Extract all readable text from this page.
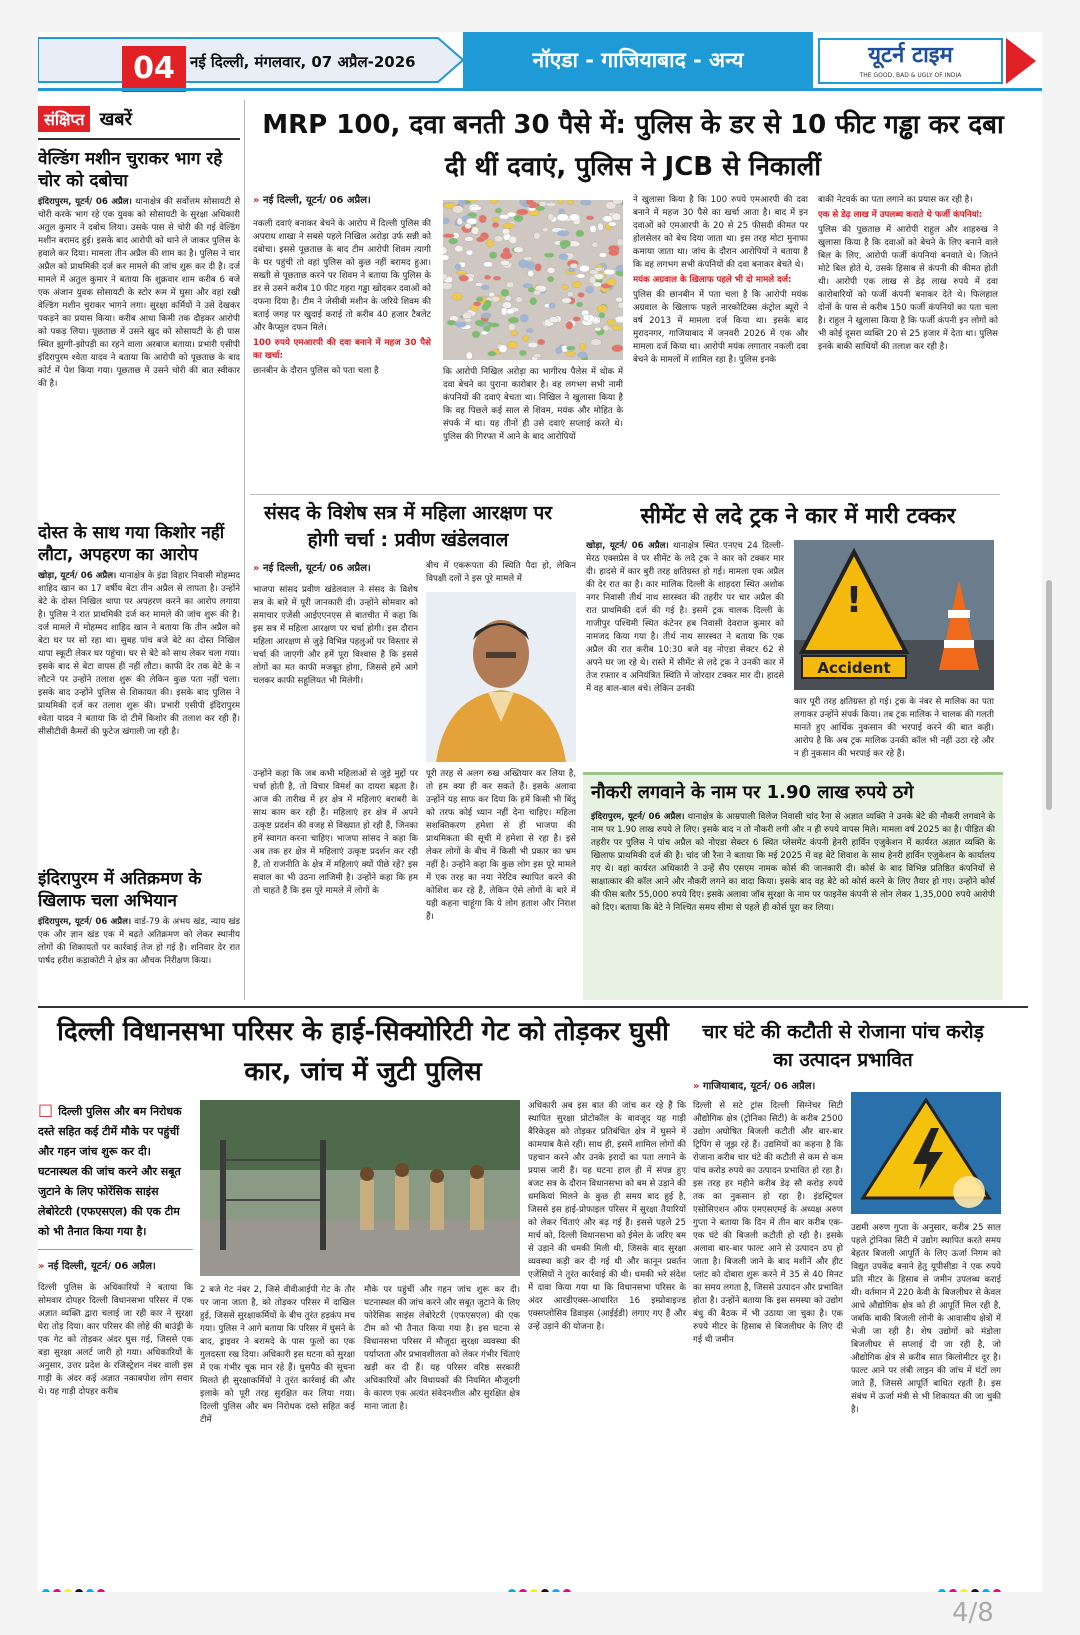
04	नई दिल्ली, मंगलवार, 07 अप्रैल-2026	नॉएडा - गाजियाबाद - अन्य	यूटर्न टाइम
THE GOOD, BAD & UGLY OF INDIA
संक्षिप्त खबरें
वेल्डिंग मशीन चुराकर भाग रहे चोर को दबोचा
इंदिरापुरम, यूटर्न/ 06 अप्रैल। थानाक्षेत्र की सर्वोत्तम सोसायटी से चोरी करके भाग रहे एक युवक को सोसायटी के सुरक्षा अधिकारी अतुल कुमार ने दबोच लिया। उसके पास से चोरी की गई वेल्डिंग मशीन बरामद हुई। इसके बाद आरोपी को थाने ले जाकर पुलिस के हवाले कर दिया। मामला तीन अप्रैल की शाम का है। पुलिस ने चार अप्रैल को प्राथमिकी दर्ज कर मामले की जांच शुरू कर दी है। दर्ज मामले में अतुल कुमार ने बताया कि शुक्रवार शाम करीब 6 बजे एक अंजान युवक सोसायटी के स्टोर रूम में घुसा और वहां रखी वेल्डिंग मशीन चुराकर भागने लगा। सुरक्षा कर्मियों ने उसे देखकर पकड़ने का प्रयास किया। करीब आधा किमी तक दौड़कर आरोपी को पकड़ लिया। पूछताछ में उसने खुद को सोसायटी के ही पास स्थित झुग्गी-झोपड़ी का रहने वाला अरबाज बताया। प्रभारी एसीपी इंदिरापुरम श्वेता यादव ने बताया कि आरोपी को पूछताछ के बाद कोर्ट में पेश किया गया। पूछताछ में उसने चोरी की बात स्वीकार की है।
दोस्त के साथ गया किशोर नहीं लौटा, अपहरण का आरोप
खोड़ा, यूटर्न/ 06 अप्रैल। थानाक्षेत्र के इंद्रा विहार निवासी मोहम्मद शाहिद खान का 17 वर्षीय बेटा तीन अप्रैल से लापता है। उन्होंने बेटे के दोस्त निखिल थापा पर अपहरण करने का आरोप लगाया है। पुलिस ने रात प्राथमिकी दर्ज कर मामले की जांच शुरू की है। दर्ज मामले में मोहम्मद शाहिद खान ने बताया कि तीन अप्रैल को बेटा घर पर सो रहा था। सुबह पांच बजे बेटे का दोस्त निखिल थापा स्कूटी लेकर घर पहुंचा। घर से बेटे को साथ लेकर चला गया। इसके बाद से बेटा वापस ही नहीं लौटा। काफी देर तक बेटे के न लौटने पर उन्होंने तलाश शुरू की लेकिन कुछ पता नहीं चला। इसके बाद उन्होंने पुलिस से शिकायत की। इसके बाद पुलिस ने प्राथमिकी दर्ज कर तलाश शुरू की। प्रभारी एसीपी इंदिरापुरम श्वेता यादव ने बताया कि दो टीमें किशोर की तलाश कर रही हैं। सीसीटीवी कैमरों की फुटेज खंगाली जा रही है।
इंदिरापुरम में अतिक्रमण के खिलाफ चला अभियान
इंदिरापुरम, यूटर्न/ 06 अप्रैल। वार्ड-79 के अभय खंड, न्याय खंड एक और ज्ञान खंड एक में बढ़ते अतिक्रमण को लेकर स्थानीय लोगों की शिकायतों पर कार्रवाई तेज हो गई है। शनिवार देर रात पार्षद हरीश कड़ाकोटी ने क्षेत्र का औचक निरीक्षण किया।
MRP 100, दवा बनती 30 पैसे में: पुलिस के डर से 10 फीट गड्ढा कर दबा दी थीं दवाएं, पुलिस ने JCB से निकालीं
» नई दिल्ली, यूटर्न/ 06 अप्रैल।

नकली दवाएं बनाकर बेचने के आरोप में दिल्ली पुलिस की अपराध शाखा ने सबसे पहले निखिल अरोड़ा उर्फ सन्नी को दबोचा। इससे पूछताछ के बाद टीम आरोपी शिवम त्यागी के घर पहुंची तो वहां पुलिस को कुछ नहीं बरामद हुआ। सख्ती से पूछताछ करने पर शिवम ने बताया कि पुलिस के डर से उसने करीब 10 फीट गहरा गड्ढा खोदकर दवाओं को दफना दिया है। टीम ने जेसीबी मशीन के जरिये शिवम की बताई जगह पर खुदाई कराई तो करीब 40 हजार टैबलेट और कैप्सूल दफन मिले।

100 रुपये एमआरपी की दवा बनाने में महज 30 पैसे का खर्चा:

छानबीन के दौरान पुलिस को पता चला है	कि आरोपी निखिल अरोड़ा का भागीरथ पैलेस में थोक में दवा बेचने का पुराना कारोबार है। वह लगभग सभी नामी कंपनियों की दवाएं बेचता था। निखिल ने खुलासा किया है कि वह पिछले कई साल से शिवम, मयंक और मोहित के संपर्क में था। यह तीनों ही उसे दवाएं सप्लाई करते थे। पुलिस की गिरफ्त में आने के बाद आरोपियों

ने खुलासा किया है कि 100 रुपये एमआरपी की दवा बनाने में महज 30 पैसे का खर्चा आता है। बाद में इन दवाओं को एमआरपी के 20 से 25 फीसदी कीमत पर होलसेलर को बेच दिया जाता था। इस तरह मोटा मुनाफा कमाया जाता था। जांच के दौरान आरोपियों ने बताया है कि वह लगभग सभी कंपनियों की दवा बनाकर बेचते थे।

मयंक अग्रवाल के खिलाफ पहले भी दो मामले दर्ज:

पुलिस की छानबीन में पता चला है कि आरोपी मयंक अग्रवाल के खिलाफ पहले नारकोटिक्स कंट्रोल ब्यूरो ने वर्ष 2013 में मामला दर्ज किया था। इसके बाद मुरादनगर, गाजियाबाद में जनवरी 2026 में एक और मामला दर्ज किया था। आरोपी मयंक लगातार नकली दवा बेचने के मामलों में शामिल रहा है। पुलिस इनके

बाकी नेटवर्क का पता लगाने का प्रयास कर रही है।

एक से डेढ़ लाख में उपलब्ध कराते थे फर्जी कंपनियां:

पुलिस की पूछताछ में आरोपी राहुल और शाहरुख ने खुलासा किया है कि दवाओं को बेचने के लिए बनाने वाले बिल के लिए, आरोपी फर्जी कंपनियां बनवाते थे। जितने मोटे बिल होते थे, उसके हिसाब से कंपनी की कीमत होती थी। आरोपी एक लाख से डेढ़ लाख रुपये में दवा कारोबारियों को फर्जी कंपनी बनाकर देते थे। फिलहाल दोनों के पास से करीब 150 फर्जी कंपनियों का पता चला है। राहुल ने खुलासा किया है कि फर्जी कंपनी इन लोगों को भी कोई दूसरा व्यक्ति 20 से 25 हजार में देता था। पुलिस इनके बाकी साथियों की तलाश कर रही है।

संसद के विशेष सत्र में महिला आरक्षण पर होगी चर्चा : प्रवीण खंडेलवाल
» नई दिल्ली, यूटर्न/ 06 अप्रैल।
भाजपा सांसद प्रवीण खंडेलवाल ने संसद के विशेष सत्र के बारे में पूरी जानकारी दी। उन्होंने सोमवार को समाचार एजेंसी आईएएनएस से बातचीत में कहा कि इस सत्र में महिला आरक्षण पर चर्चा होगी। इस दौरान महिला आरक्षण से जुड़े विभिन्न पहलुओं पर विस्तार से चर्चा की जाएगी और हमें पूरा विश्वास है कि इससे लोगों का मत काफी मजबूत होगा, जिससे हमें आगे चलकर काफी सहूलियत भी मिलेगी।
उन्होंने कहा कि जब कभी महिलाओं से जुड़े मुद्दों पर चर्चा होती है, तो विचार विमर्श का दायरा बढ़ता है। आज की तारीख में हर क्षेत्र में महिलाएं बराबरी के साथ काम कर रही हैं। महिलाएं हर क्षेत्र में अपने उत्कृष्ट प्रदर्शन की वजह से विख्यात हो रही हैं, जिनका हमें स्वागत करना चाहिए। भाजपा सांसद ने कहा कि अब तक हर क्षेत्र में महिलाएं उत्कृष्ट प्रदर्शन कर रही हैं, तो राजनीति के क्षेत्र में महिलाएं क्यों पीछे रहें? इस सवाल का भी उठना लाजिमी है। उन्होंने कहा कि हम तो चाहते हैं कि इस पूरे मामले में लोगों के
बीच में एकरूपता की स्थिति पैदा हो, लेकिन विपक्षी दलों ने इस पूरे मामले में
पूरी तरह से अलग रुख अख्तियार कर लिया है, तो हम क्या ही कर सकते हैं। इसके अलावा उन्होंने यह साफ कर दिया कि हमें किसी भी बिंदु को तरफ कोई ध्यान नहीं देना चाहिए। महिला सशक्तिकरण हमेशा से ही भाजपा की प्राथमिकता की सूची में हमेशा से रहा है। इसे लेकर लोगों के बीच में किसी भी प्रकार का भ्रम नहीं है। उन्होंने कहा कि कुछ लोग इस पूरे मामले में एक तरह का नया नेरेटिव स्थापित करने की कोशिश कर रहे हैं, लेकिन ऐसे लोगों के बारे में यही कहना चाहूंगा कि ये लोग हताश और निराश हैं।
सीमेंट से लदे ट्रक ने कार में मारी टक्कर
खोड़ा, यूटर्न/ 06 अप्रैल। थानाक्षेत्र स्थित एनएच 24 दिल्ली-मेरठ एक्सप्रेस वे पर सीमेंट के लदे ट्रक ने कार को टक्कर मार दी। हादसे में कार बुरी तरह क्षतिग्रस्त हो गई। मामला एक अप्रैल की देर रात का है। कार मालिक दिल्ली के शाहदरा स्थित अशोक नगर निवासी तीर्थ नाथ सारस्वत की तहरीर पर चार अप्रैल की रात प्राथमिकी दर्ज की गई है। इसमें ट्रक चालक दिल्ली के गाजीपुर पश्चिमी स्थित कंटेनर हब निवासी देवराज कुमार को नामजद किया गया है। तीर्थ नाथ सारस्वत ने बताया कि एक अप्रैल की रात करीब 10:30 बजे वह नोएडा सेक्टर 62 से अपने घर जा रहे थे। रास्ते में सीमेंट से लदे ट्रक ने उनकी कार में तेज रफ्तार व अनियंत्रित स्थिति में जोरदार टक्कर मार दी। हादसे में वह बाल-बाल बचे। लेकिन उनकी
!
Accident
कार पूरी तरह क्षतिग्रस्त हो गई। ट्रक के नंबर से मालिक का पता लगाकर उन्होंने संपर्क किया। तब ट्रक मालिक ने चालक की गलती मानते हुए आर्थिक नुकसान की भरपाई करने की बात कही। आरोप है कि अब ट्रक मालिक उनकी कॉल भी नहीं उठा रहे और न ही नुकसान की भरपाई कर रहे हैं।
नौकरी लगवाने के नाम पर 1.90 लाख रुपये ठगे
इंदिरापुरम, यूटर्न/ 06 अप्रैल। थानाक्षेत्र के आम्रपाली विलेज निवासी चांद रैना से अज्ञात व्यक्ति ने उनके बेटे की नौकरी लगवाने के नाम पर 1.90 लाख रुपये ले लिए। इसके बाद न तो नौकरी लगी और न ही रुपये वापस मिले। मामला वर्ष 2025 का है। पीड़ित की तहरीर पर पुलिस ने पांच अप्रैल को नोएडा सेक्टर 6 स्थित प्लेसमेंट कंपनी हेनरी हार्विन एजुकेशन में कार्यरत अज्ञात व्यक्ति के खिलाफ प्राथमिकी दर्ज की है। चांद जी रैना ने बताया कि मई 2025 में वह बेटे शिवाश के साथ हेनरी हार्विन एजुकेशन के कार्यालय गए थे। वहां कार्यरत अधिकारी ने उन्हें सैप एसएम नामक कोर्स की जानकारी दी। कोर्स के बाद विभिन्न प्रतिष्ठित कंपनियों से साक्षात्कार की कॉल आने और नौकरी लगने का वादा किया। इसके बाद वह बेटे को कोर्स करने के लिए तैयार हो गए। उन्होंने कोर्स की फीस बतौर 55,000 रुपये दिए। इसके अलावा जॉब सुरक्षा के नाम पर फाइनेंस कंपनी से लोन लेकर 1,35,000 रुपये आरोपी को दिए। बताया कि बेटे ने निश्चित समय सीमा से पहले ही कोर्स पूरा कर लिया।
दिल्ली विधानसभा परिसर के हाई-सिक्योरिटी गेट को तोड़कर घुसी कार, जांच में जुटी पुलिस
□ दिल्ली पुलिस और बम निरोधक दस्ते सहित कई टीमें मौके पर पहुंचीं और गहन जांच शुरू कर दी। घटनास्थल की जांच करने और सबूत जुटाने के लिए फोरेंसिक साइंस लेबोरेटरी (एफएसएल) की एक टीम को भी तैनात किया गया है।
» नई दिल्ली, यूटर्न/ 06 अप्रैल।
दिल्ली पुलिस के अधिकारियों ने बताया कि सोमवार दोपहर दिल्ली विधानसभा परिसर में एक अज्ञात व्यक्ति द्वारा चलाई जा रही कार ने सुरक्षा घेरा तोड़ दिया। कार परिसर की लोहे की बाउंड्री के एक गेट को तोड़कर अंदर घुस गई, जिससे एक बड़ा सुरक्षा अलर्ट जारी हो गया। अधिकारियों के अनुसार, उत्तर प्रदेश के रजिस्ट्रेशन नंबर वाली इस गाड़ी के अंदर कई अज्ञात नकाबपोश लोग सवार थे। यह गाड़ी दोपहर करीब
2 बजे गेट नंबर 2, जिसे वीवीआईपी गेट के तौर पर जाना जाता है, को तोड़कर परिसर में दाखिल हुई, जिससे सुरक्षाकर्मियों के बीच तुरंत हड़कंप मच गया। पुलिस ने आगे बताया कि परिसर में घुसने के बाद, ड्राइवर ने बरामदे के पास फूलों का एक गुलदस्ता रख दिया। अधिकारी इस घटना को सुरक्षा में एक गंभीर चूक मान रहे हैं। घुसपैठ की सूचना मिलते ही सुरक्षाकर्मियों ने तुरंत कार्रवाई की और इलाके को पूरी तरह सुरक्षित कर लिया गया। दिल्ली पुलिस और बम निरोधक दस्ते सहित कई टीमें
मौके पर पहुंचीं और गहन जांच शुरू कर दी। घटनास्थल की जांच करने और सबूत जुटाने के लिए फोरेंसिक साइंस लेबोरेटरी (एफएसएल) की एक टीम को भी तैनात किया गया है। इस घटना से विधानसभा परिसर में मौजूदा सुरक्षा व्यवस्था की पर्याप्तता और प्रभावशीलता को लेकर गंभीर चिंताएं खड़ी कर दी हैं। यह परिसर वरिष्ठ सरकारी अधिकारियों और विधायकों की नियमित मौजूदगी के कारण एक अत्यंत संवेदनशील और सुरक्षित क्षेत्र माना जाता है।
अधिकारी अब इस बात की जांच कर रहे हैं कि स्थापित सुरक्षा प्रोटोकॉल के बावजूद यह गाड़ी बैरिकेड्स को तोड़कर प्रतिबंधित क्षेत्र में घुसने में कामयाब कैसे रही। साथ ही, इसमें शामिल लोगों की पहचान करने और उनके इरादों का पता लगाने के प्रयास जारी हैं। यह घटना हाल ही में संपन्न हुए बजट सत्र के दौरान विधानसभा को बम से उड़ाने की धमकियां मिलने के कुछ ही समय बाद हुई है, जिससे इस हाई-प्रोफाइल परिसर में सुरक्षा तैयारियों को लेकर चिंताएं और बढ़ गई हैं। इससे पहले 25 मार्च को, दिल्ली विधानसभा को ईमेल के जरिए बम से उड़ाने की धमकी मिली थी, जिसके बाद सुरक्षा व्यवस्था कड़ी कर दी गई थी और कानून प्रवर्तन एजेंसियों ने तुरंत कार्रवाई की थी। धमकी भरे संदेश में दावा किया गया था कि विधानसभा परिसर के अंदर आरडीएक्स-आधारित 16 इम्प्रोवाइज्ड एक्सप्लोसिव डिवाइस (आईईडी) लगाए गए हैं और उन्हें उड़ाने की योजना है।
चार घंटे की कटौती से रोजाना पांच करोड़ का उत्पादन प्रभावित
» गाजियाबाद, यूटर्न/ 06 अप्रैल।
दिल्ली से सटे ट्रांस दिल्ली सिग्नेचर सिटी औद्योगिक क्षेत्र (ट्रोनिका सिटी) के करीब 2500 उद्योग अघोषित बिजली कटौती और बार-बार ट्रिपिंग से जूझ रहे हैं। उद्यमियों का कहना है कि रोजाना करीब चार घंटे की कटौती से कम से कम पांच करोड़ रुपये का उत्पादन प्रभावित हो रहा है। इस तरह हर महीने करीब डेढ़ सौ करोड़ रुपये तक का नुकसान हो रहा है। इंडस्ट्रियल एसोसिएशन ऑफ एमएसएमई के अध्यक्ष अरुण गुप्ता ने बताया कि दिन में तीन बार करीब एक-एक घंटे की बिजली कटौती हो रही है। इसके अलावा बार-बार फाल्ट आने से उत्पादन ठप हो जाता है। बिजली जाने के बाद मशीनें और हीट प्लांट को दोबारा शुरू करने में 35 से 40 मिनट का समय लगता है, जिससे उत्पादन और प्रभावित होता है। उन्होंने बताया कि इस समस्या को उद्योग बंधु की बैठक में भी उठाया जा चुका है। एक रुपये मीटर के हिसाब से बिजलीघर के लिए दी गई थी जमीन
उद्यमी अरुण गुप्ता के अनुसार, करीब 25 साल पहले ट्रोनिका सिटी में उद्योग स्थापित करते समय बेहतर बिजली आपूर्ति के लिए ऊर्जा निगम को विद्युत उपकेंद्र बनाने हेतु यूपीसीडा ने एक रुपये प्रति मीटर के हिसाब से जमीन उपलब्ध कराई थी। वर्तमान में 220 केवी के बिजलीघर से केवल आधे औद्योगिक क्षेत्र को ही आपूर्ति मिल रही है, जबकि बाकी बिजली लोनी के आवासीय क्षेत्रों में भेजी जा रही है। शेष उद्योगों को मंडोला बिजलीघर से सप्लाई दी जा रही है, जो औद्योगिक क्षेत्र से करीब सात किलोमीटर दूर है। फाल्ट आने पर लंबी लाइन की जांच में घंटों लग जाते हैं, जिससे आपूर्ति बाधित रहती है। इस संबंध में ऊर्जा मंत्री से भी शिकायत की जा चुकी है।
4/8
